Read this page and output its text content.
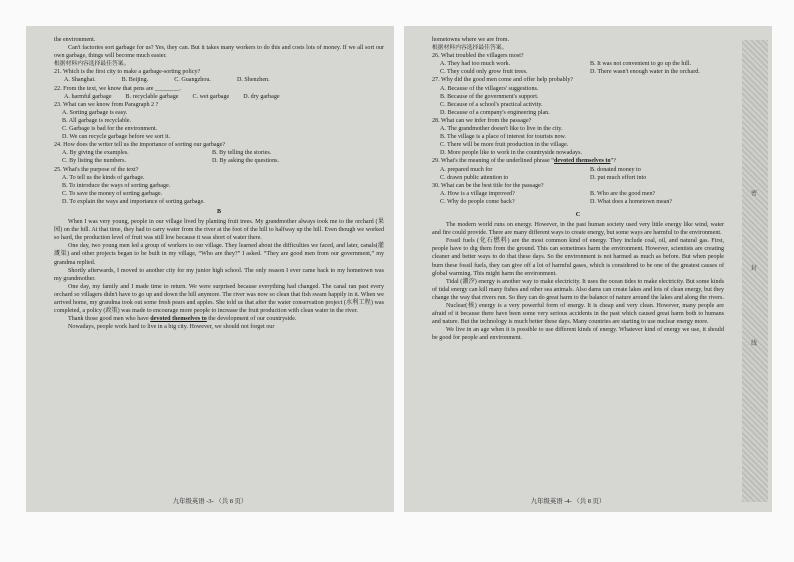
the environment.

Can't factories sort garbage for us? Yes, they can. But it takes many workers to do this and costs lots of money. If we all sort our own garbage, things will become much easier.

根据材料内容选择最佳答案。

21. Which is the first city to make a garbage-sorting policy?

A. Shanghai.	B. Beijing.	C. Guangzhou.	D. Shenzhen.

22. From the text, we know that pens are ________.

A. harmful garbage B. recyclable garbage C. wet garbage D. dry garbage

23. What can we know from Paragraph 2 ?

A. Sorting garbage is easy.
B. All garbage is recyclable.
C. Garbage is bad for the environment.
D. We can recycle garbage before we sort it.

24. How does the writer tell us the importance of sorting our garbage?

A. By giving the examples.	B. By telling the stories.
C. By listing the numbers.	D. By asking the questions.

25. What's the purpose of the text?

A. To tell us the kinds of garbage.
B. To introduce the ways of sorting garbage.
C. To save the money of sorting garbage.
D. To explain the ways and importance of sorting garbage.

B

When I was very young, people in our village lived by planting fruit trees. My grandmother always took me to the orchard (果园) on the hill. At that time, they had to carry water from the river at the foot of the hill to halfway up the hill. Even though we worked so hard, the production level of fruit was still low because it was short of water there.

One day, two young men led a group of workers to our village. They learned about the difficulties we faced, and later, canals(灌溉渠) and other projects began to be built in my village, “Who are they?” I asked. “They are good men from our government,” my grandma replied.

Shortly afterwards, I moved to another city for my junior high school. The only reason I ever came back to my hometown was my grandmother.

One day, my family and I made time to return. We were surprised because everything had changed. The canal ran past every orchard so villagers didn't have to go up and down the hill anymore. The river was now so clean that fish swam happily in it. When we arrived home, my grandma took out some fresh pears and apples. She told us that after the water conservation project (水利工程) was completed, a policy (政策) was made to encourage more people to increase the fruit production with clean water in the river.

Thank those good men who have devoted themselves to the development of our countryside.

Nowadays, people work hard to live in a big city. However, we should not forget our

九年级英语 -3- （共 8 页）

hometowns where we are from.

根据材料内容选择最佳答案。

26. What troubled the villagers most?

A. They had too much work.	B. It was not convenient to go up the hill.
C. They could only grow fruit trees.	D. There wasn't enough water in the orchard.

27. Why did the good men come and offer help probably?

A. Because of the villagers' suggestions.
B. Because of the government's support.
C. Because of a school's practical activity.
D. Because of a company's engineering plan.

28. What can we infer from the passage?

A. The grandmother doesn't like to live in the city.
B. The village is a place of interest for tourists now.
C. There will be more fruit production in the village.
D. More people like to work in the countryside nowadays.

29. What's the meaning of the underlined phrase “devoted themselves to”?

A. prepared much for	B. donated money to
C. drawn public attention to	D. put much effort into

30. What can be the best title for the passage?

A. How is a village improved?	B. Who are the good men?
C. Why do people come back?	D. What does a hometown mean?

C

The modern world runs on energy. However, in the past human society used very little energy like wind, water and fire could provide. There are many different ways to create energy, but some ways are harmful to the environment.

Fossil fuels (化石燃料) are the most common kind of energy. They include coal, oil, and natural gas. First, people have to dig them from the ground. This can sometimes harm the environment. However, scientists are creating cleaner and better ways to do that these days. So the environment is not harmed as much as before. But when people burn these fossil fuels, they can give off a lot of harmful gases, which is considered to be one of the greatest causes of global warming. This might harm the environment.

Tidal (潮汐) energy is another way to make electricity. It uses the ocean tides to make electricity. But some kinds of tidal energy can kill many fishes and other sea animals. Also dams can create lakes and lots of clean energy, but they change the way that rivers run. So they can do great harm to the balance of nature around the lakes and along the rivers.

Nuclear(核) energy is a very powerful form of energy. It is cheap and very clean. However, many people are afraid of it because there have been some very serious accidents in the past which caused great harm both to humans and nature. But the technology is much better these days. Many countries are starting to use nuclear energy more.

We live in an age when it is possible to use different kinds of energy. Whatever kind of energy we use, it should be good for people and environment.

九年级英语 -4- （共 8 页）
密
封
线
